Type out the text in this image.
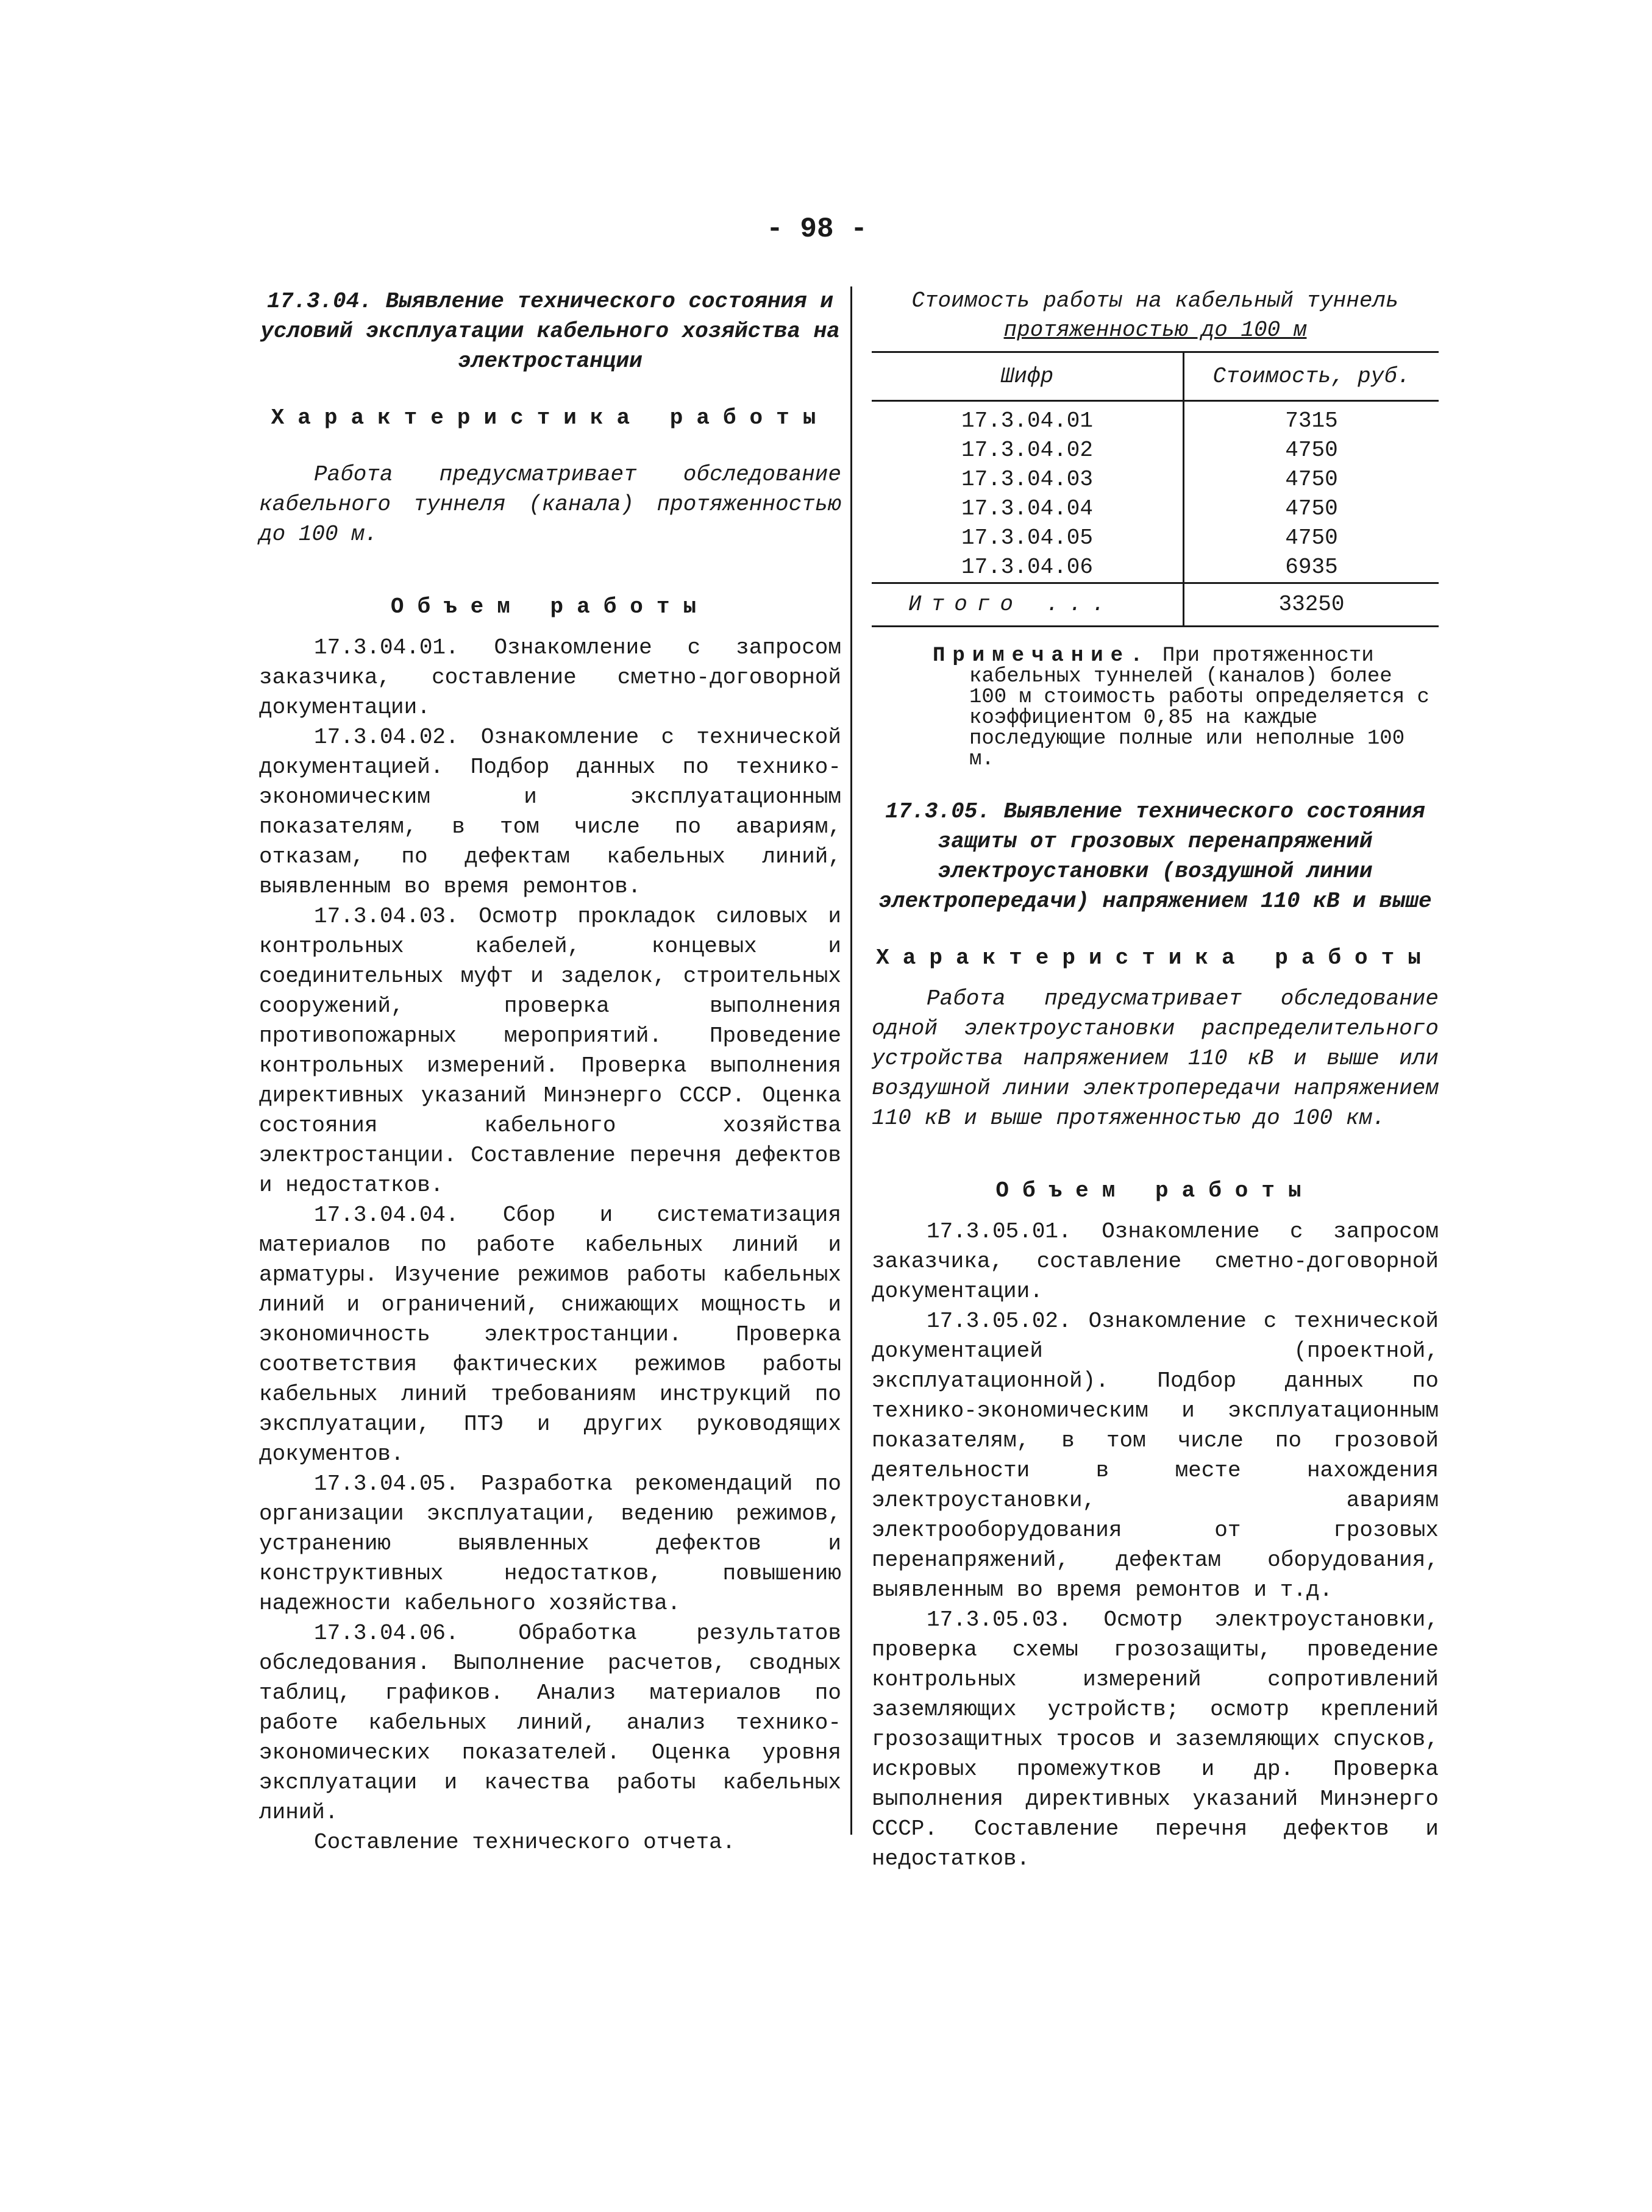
- 98 -
17.3.04. Выявление технического состояния и условий эксплуатации кабельного хозяйства на электростанции
Характеристика работы

Работа предусматривает обследование кабельного туннеля (канала) протяженностью до 100 м.

Объем работы

17.3.04.01. Ознакомление с запросом заказчика, составление сметно-договорной документации.

17.3.04.02. Ознакомление с технической документацией. Подбор данных по технико-экономическим и эксплуатационным показателям, в том числе по авариям, отказам, по дефектам кабельных линий, выявленным во время ремонтов.

17.3.04.03. Осмотр прокладок силовых и контрольных кабелей, концевых и соединительных муфт и заделок, строительных сооружений, проверка выполнения противопожарных мероприятий. Проведение контрольных измерений. Проверка выполнения директивных указаний Минэнерго СССР. Оценка состояния кабельного хозяйства электростанции. Составление перечня дефектов и недостатков.

17.3.04.04. Сбор и систематизация материалов по работе кабельных линий и арматуры. Изучение режимов работы кабельных линий и ограничений, снижающих мощность и экономичность электростанции. Проверка соответствия фактических режимов работы кабельных линий требованиям инструкций по эксплуатации, ПТЭ и других руководящих документов.

17.3.04.05. Разработка рекомендаций по организации эксплуатации, ведению режимов, устранению выявленных дефектов и конструктивных недостатков, повышению надежности кабельного хозяйства.

17.3.04.06. Обработка результатов обследования. Выполнение расчетов, сводных таблиц, графиков. Анализ материалов по работе кабельных линий, анализ технико-экономических показателей. Оценка уровня эксплуатации и качества работы кабельных линий.

Составление технического отчета.

Стоимость работы на кабельный туннель
протяженностью до 100 м
Шифр	Стоимость, руб.
17.3.04.01	7315
17.3.04.02	4750
17.3.04.03	4750
17.3.04.04	4750
17.3.04.05	4750
17.3.04.06	6935
Итого ...	33250
Примечание. При протяженности
кабельных туннелей (каналов) более 100 м стоимость работы определяется с коэффициентом 0,85 на каждые последующие полные или неполные 100 м.
17.3.05. Выявление технического состояния защиты от грозовых перенапряжений электроустановки (воздушной линии электропередачи) напряжением 110 кВ и выше
Характеристика работы

Работа предусматривает обследование одной электроустановки распределительного устройства напряжением 110 кВ и выше или воздушной линии электропередачи напряжением 110 кВ и выше протяженностью до 100 км.

Объем работы

17.3.05.01. Ознакомление с запросом заказчика, составление сметно-договорной документации.

17.3.05.02. Ознакомление с технической документацией (проектной, эксплуатационной). Подбор данных по технико-экономическим и эксплуатационным показателям, в том числе по грозовой деятельности в месте нахождения электроустановки, авариям электрооборудования от грозовых перенапряжений, дефектам оборудования, выявленным во время ремонтов и т.д.

17.3.05.03. Осмотр электроустановки, проверка схемы грозозащиты, проведение контрольных измерений сопротивлений заземляющих устройств; осмотр креплений грозозащитных тросов и заземляющих спусков, искровых промежутков и др. Проверка выполнения директивных указаний Минэнерго СССР. Составление перечня дефектов и недостатков.
